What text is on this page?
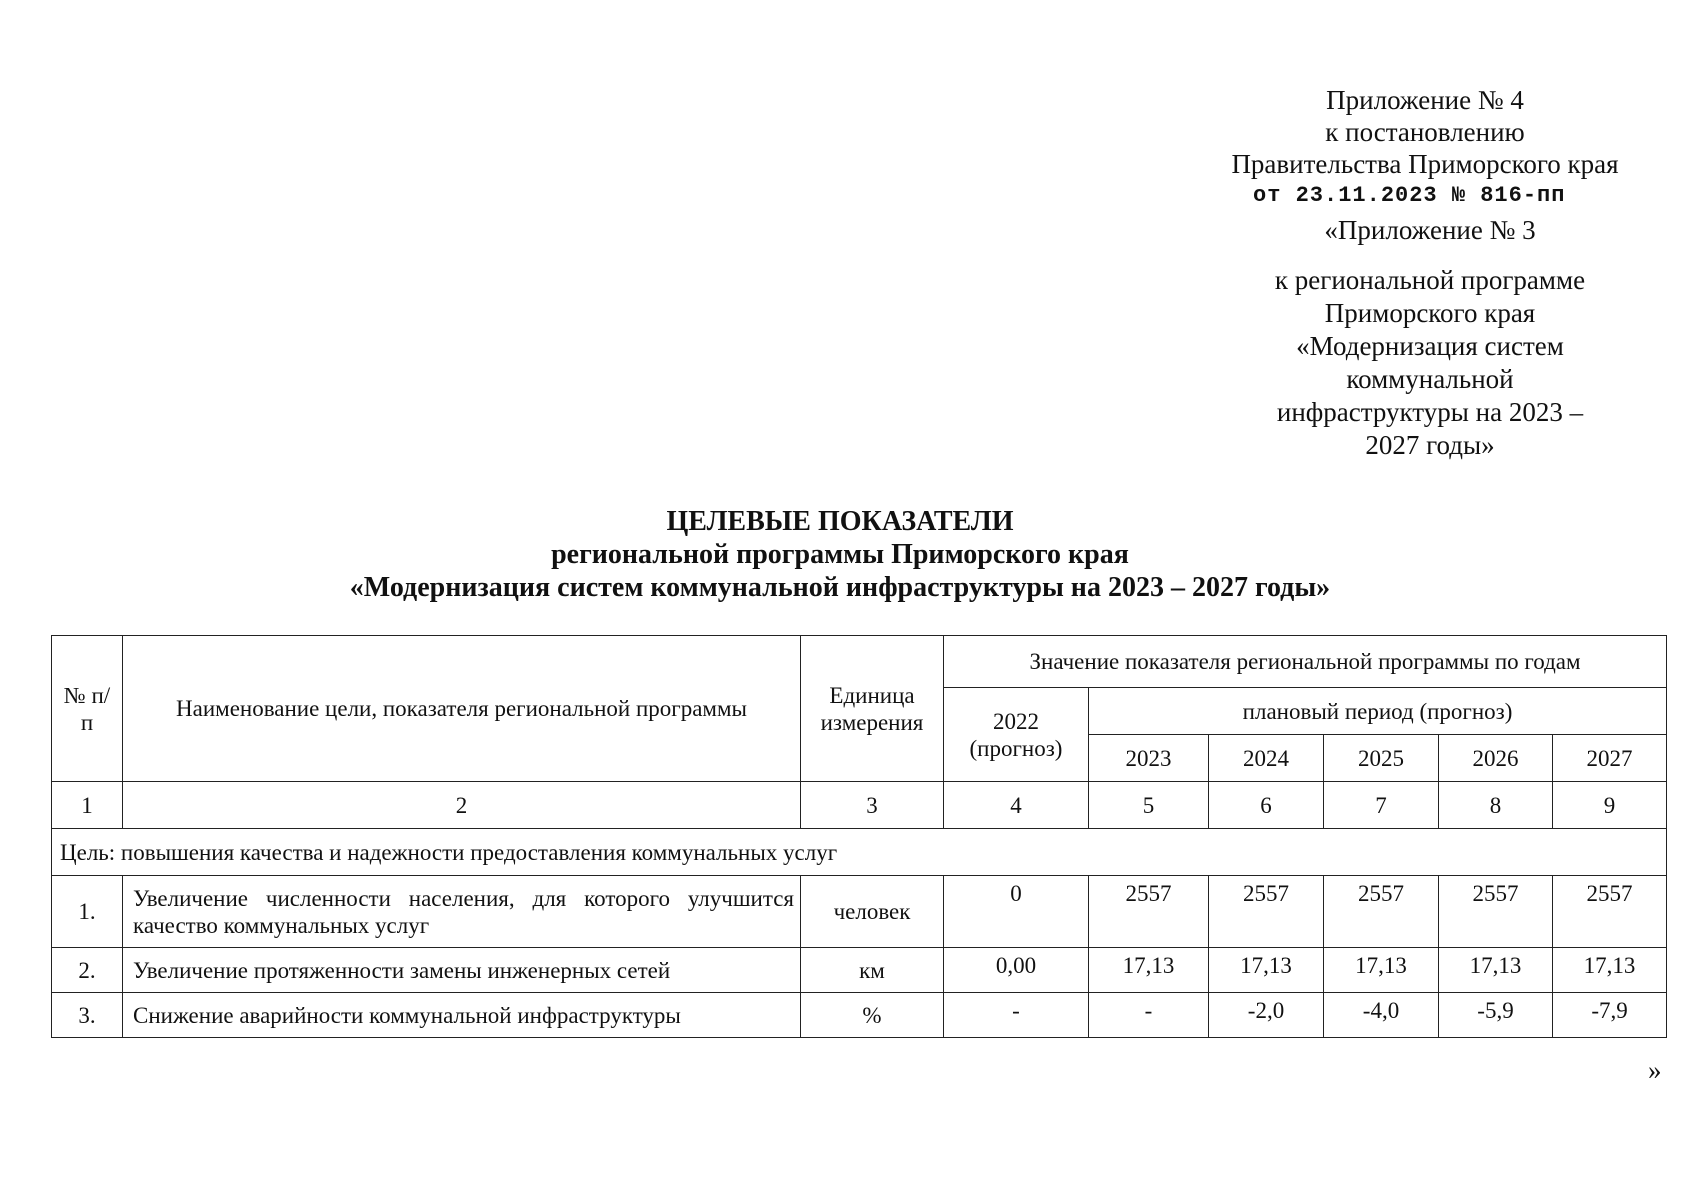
Приложение № 4
к постановлению
Правительства Приморского края
от 23.11.2023 № 816-пп
«Приложение № 3
к региональной программе
Приморского края
«Модернизация систем
коммунальной
инфраструктуры на 2023 –
2027 годы»
ЦЕЛЕВЫЕ ПОКАЗАТЕЛИ
региональной программы Приморского края
«Модернизация систем коммунальной инфраструктуры на 2023 – 2027 годы»
№ п/п	Наименование цели, показателя региональной программы	Единица измерения	Значение показателя региональной программы по годам					
			2022 (прогноз)	плановый период (прогноз)				
				2023	2024	2025	2026	2027
1	2	3	4	5	6	7	8	9
Цель: повышения качества и надежности предоставления коммунальных услуг								
1.	Увеличение численности населения, для которого улучшится качество коммунальных услуг	человек	0	2557	2557	2557	2557	2557
2.	Увеличение протяженности замены инженерных сетей	км	0,00	17,13	17,13	17,13	17,13	17,13
3.	Снижение аварийности коммунальной инфраструктуры	%	-	-	-2,0	-4,0	-5,9	-7,9
»
